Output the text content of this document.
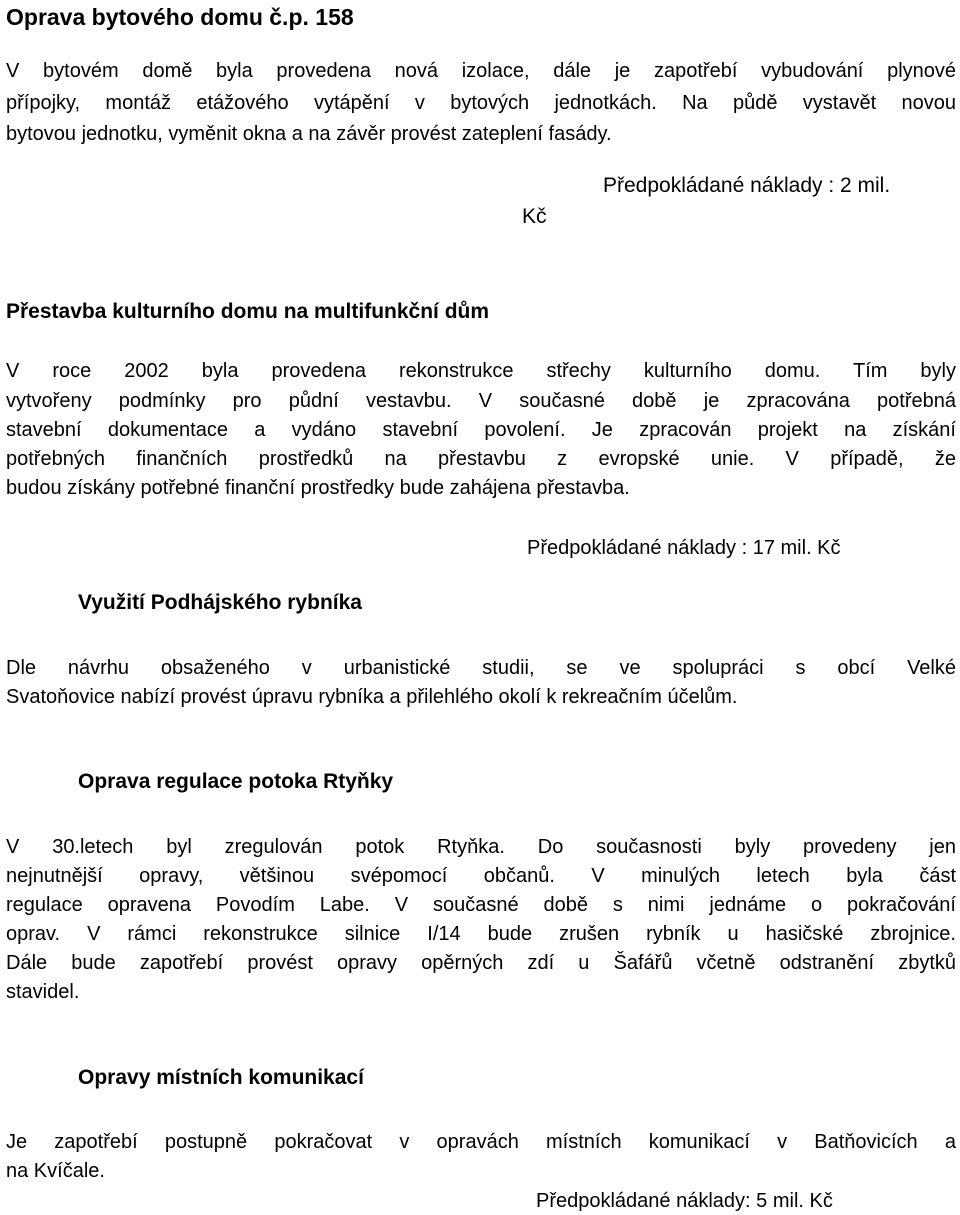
Oprava bytového domu č.p. 158
V bytovém domě byla provedena nová izolace, dále je zapotřebí vybudování plynové
přípojky, montáž etážového vytápění v bytových jednotkách. Na půdě vystavět novou
bytovou jednotku, vyměnit okna a na závěr provést zateplení fasády.
Předpokládané náklady : 2 mil.
Kč
Přestavba kulturního domu na multifunkční dům
V roce 2002 byla provedena rekonstrukce střechy kulturního domu. Tím byly
vytvořeny podmínky pro půdní vestavbu. V současné době je zpracována potřebná
stavební dokumentace a vydáno stavební povolení. Je zpracován projekt na získání
potřebných finančních prostředků na přestavbu z evropské unie. V případě, že
budou získány potřebné finanční prostředky bude zahájena přestavba.
Předpokládané náklady : 17 mil. Kč
Využití Podhájského rybníka
Dle návrhu obsaženého v urbanistické studii, se ve spolupráci s obcí Velké
Svatoňovice nabízí provést úpravu rybníka a přilehlého okolí k rekreačním účelům.
Oprava regulace potoka Rtyňky
V 30.letech byl zregulován potok Rtyňka. Do současnosti byly provedeny jen
nejnutnější opravy, většinou svépomocí občanů. V minulých letech byla část
regulace opravena Povodím Labe. V současné době s nimi jednáme o pokračování
oprav. V rámci rekonstrukce silnice I/14 bude zrušen rybník u hasičské zbrojnice.
Dále bude zapotřebí provést opravy opěrných zdí u Šafářů včetně odstranění zbytků
stavidel.
Opravy místních komunikací
Je zapotřebí postupně pokračovat v opravách místních komunikací v Batňovicích a
na Kvíčale.
Předpokládané náklady: 5 mil. Kč
